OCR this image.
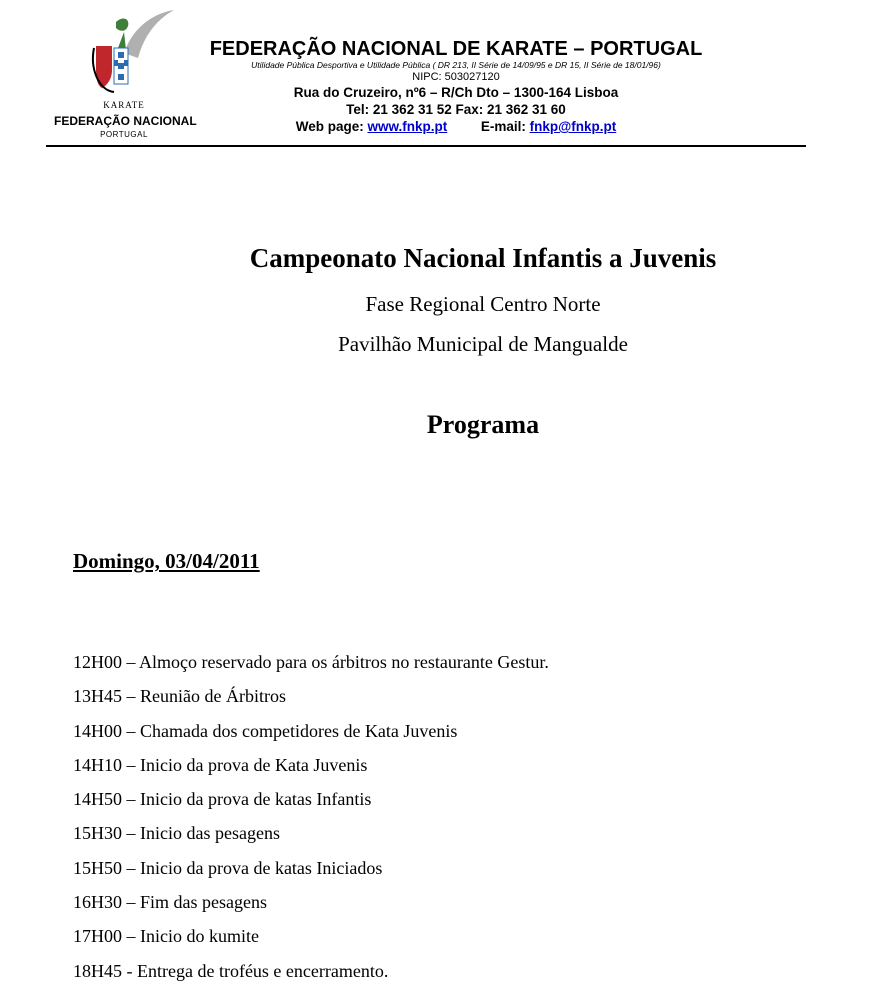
KARATE
FEDERAÇÃO NACIONAL
PORTUGAL
FEDERAÇÃO NACIONAL DE KARATE – PORTUGAL
Utilidade Pública Desportiva e Utilidade Pública ( DR 213, II Série de 14/09/95 e DR 15, II Série de 18/01/96)
NIPC: 503027120
Rua do Cruzeiro, nº6 – R/Ch Dto – 1300-164 Lisboa
Tel: 21 362 31 52 Fax: 21 362 31 60
Web page: www.fnkp.pt E-mail: fnkp@fnkp.pt
Campeonato Nacional Infantis a Juvenis
Fase Regional Centro Norte
Pavilhão Municipal de Mangualde
Programa
Domingo, 03/04/2011
12H00 – Almoço reservado para os árbitros no restaurante Gestur.
13H45 – Reunião de Árbitros
14H00 – Chamada dos competidores de Kata Juvenis
14H10 – Inicio da prova de Kata Juvenis
14H50 – Inicio da prova de katas Infantis
15H30 – Inicio das pesagens
15H50 – Inicio da prova de katas Iniciados
16H30 – Fim das pesagens
17H00 – Inicio do kumite
18H45 - Entrega de troféus e encerramento.
